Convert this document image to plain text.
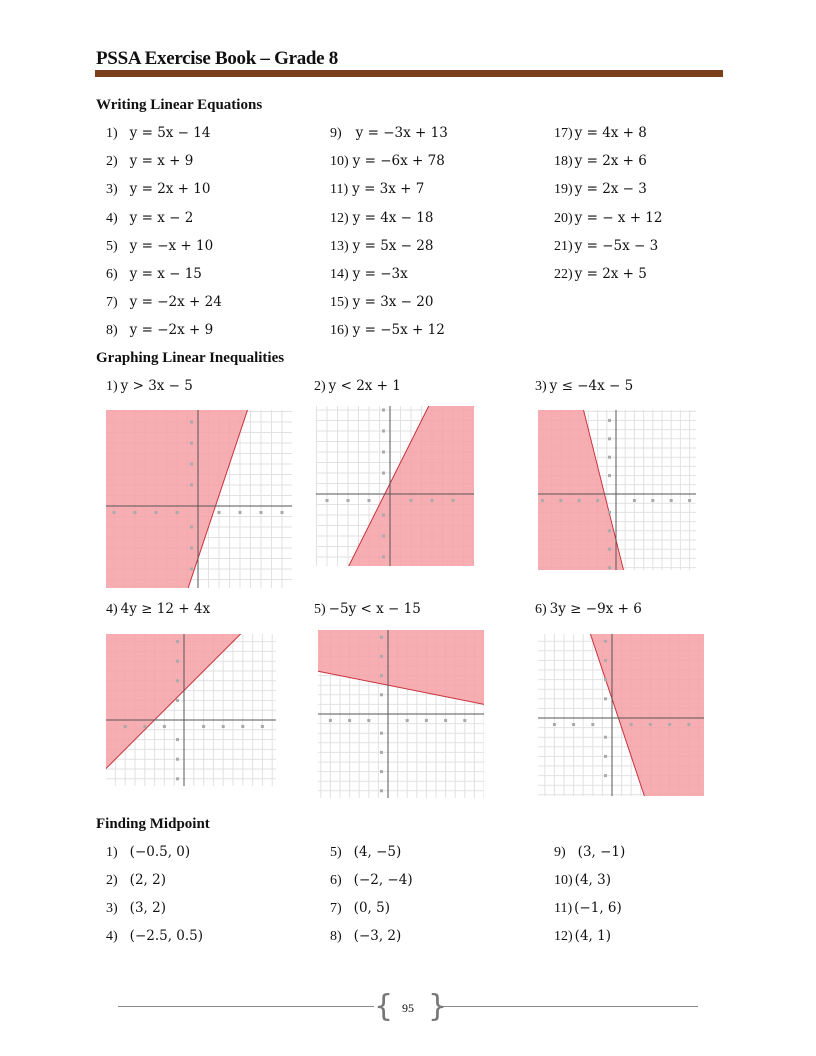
PSSA Exercise Book – Grade 8
Writing Linear Equations
1) y = 5x − 14
2) y = x + 9
3) y = 2x + 10
4) y = x − 2
5) y = −x + 10
6) y = x − 15
7) y = −2x + 24
8) y = −2x + 9
9) y = −3x + 13
10) y = −6x + 78
11) y = 3x + 7
12) y = 4x − 18
13) y = 5x − 28
14) y = −3x
15) y = 3x − 20
16) y = −5x + 12
17) y = 4x + 8
18) y = 2x + 6
19) y = 2x − 3
20) y = − x + 12
21) y = −5x − 3
22) y = 2x + 5
Graphing Linear Inequalities
1) y > 3x − 5	2) y < 2x + 1	3) y ≤ −4x − 5
4) 4y ≥ 12 + 4x	5) −5y < x − 15	6) 3y ≥ −9x + 6
Finding Midpoint
1) (−0.5, 0)
2) (2, 2)
3) (3, 2)
4) (−2.5, 0.5)
5) (4, −5)
6) (−2, −4)
7) (0, 5)
8) (−3, 2)
9) (3, −1)
10) (4, 3)
11) (−1, 6)
12) (4, 1)
{ }
95
